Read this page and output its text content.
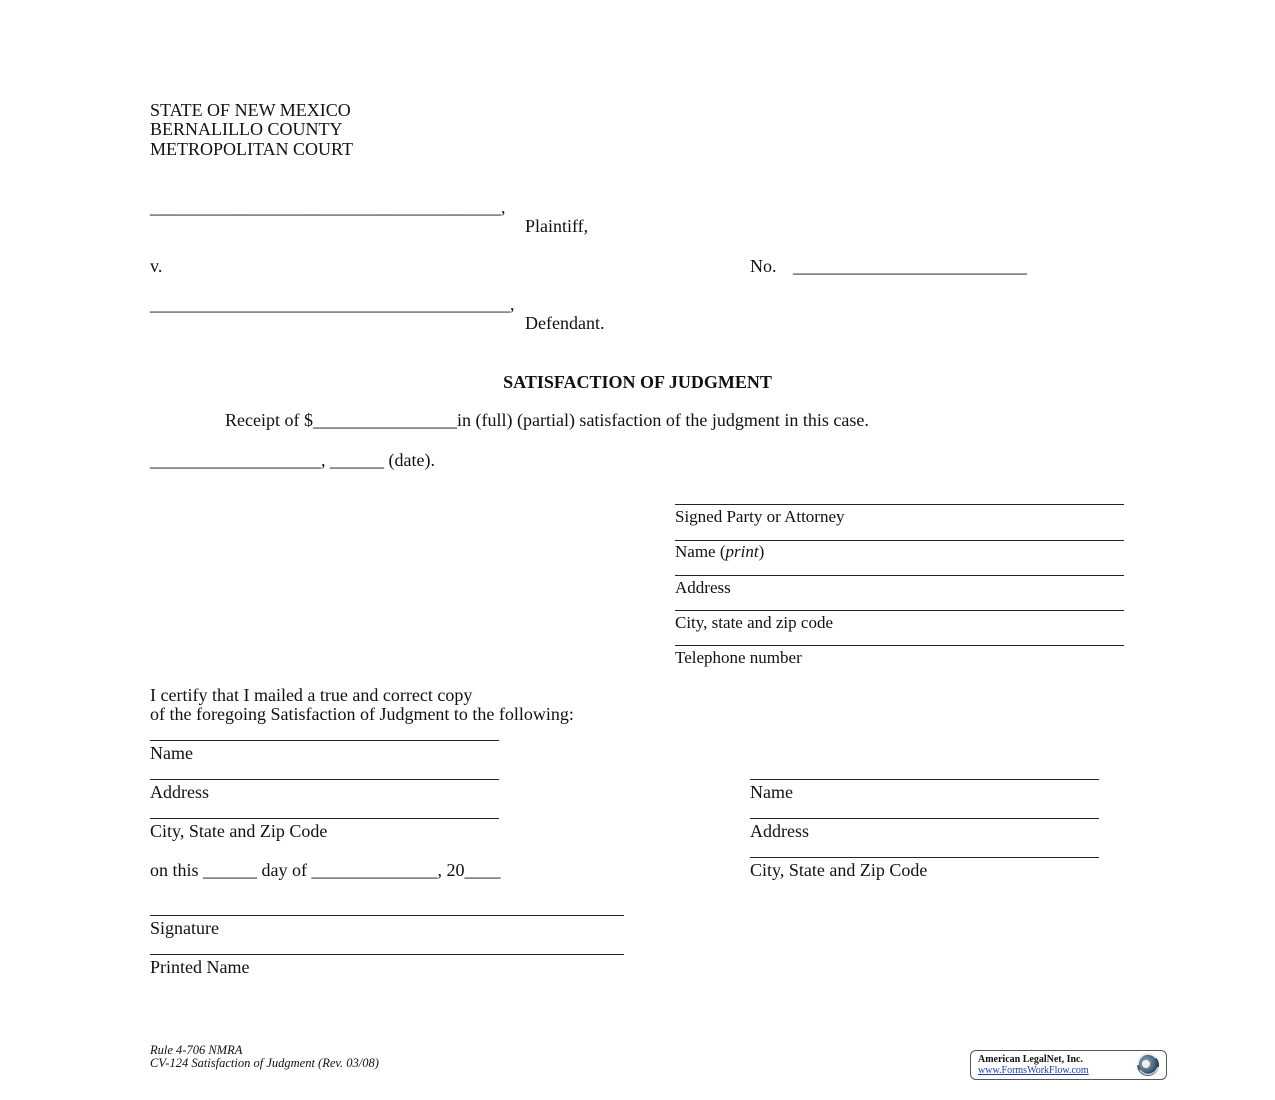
STATE OF NEW MEXICO
BERNALILLO COUNTY
METROPOLITAN COURT
_______________________________________,
Plaintiff,
v.	No. __________________________
________________________________________,
Defendant.
SATISFACTION OF JUDGMENT
Receipt of $________________in (full) (partial) satisfaction of the judgment in this case.
___________________, ______ (date).
Signed Party or Attorney
Name (print)
Address
City, state and zip code
Telephone number
I certify that I mailed a true and correct copy
of the foregoing Satisfaction of Judgment to the following:
Name
Address
City, State and Zip Code
Name
Address
City, State and Zip Code
on this ______ day of ______________, 20____
Signature
Printed Name
Rule 4-706 NMRA
CV-124 Satisfaction of Judgment (Rev. 03/08)	American LegalNet, Inc.
www.FormsWorkFlow.com
